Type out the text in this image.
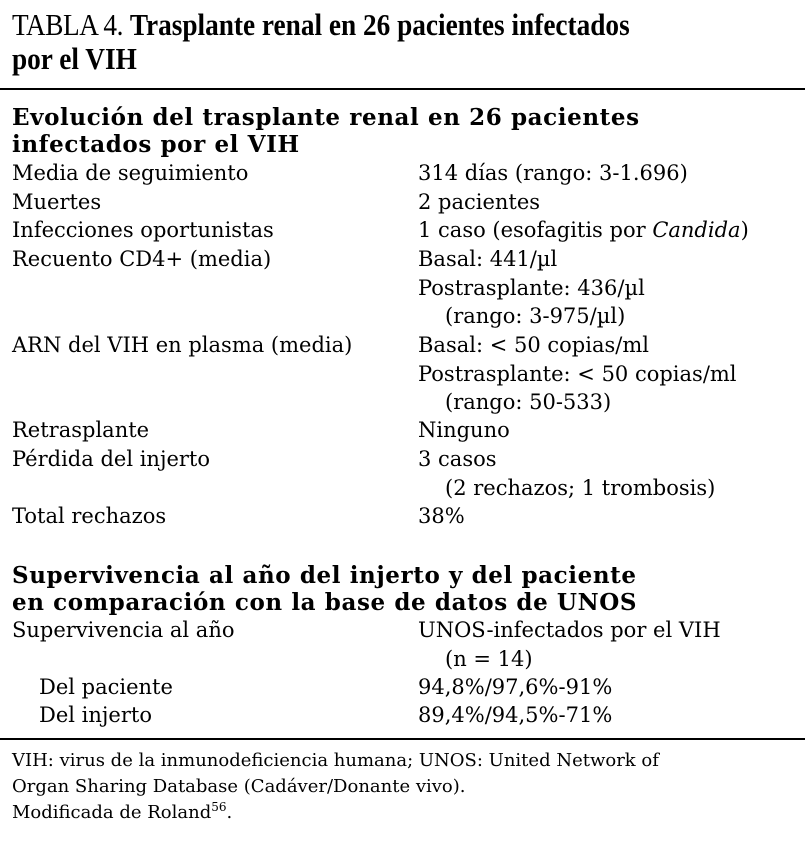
TABLA 4. Trasplante renal en 26 pacientes infectados
por el VIH
Evolución del trasplante renal en 26 pacientes
infectados por el VIH
Media de seguimiento	314 días (rango: 3-1.696)
Muertes	2 pacientes
Infecciones oportunistas	1 caso (esofagitis por Candida)
Recuento CD4+ (media)	Basal: 441/µl
Postrasplante: 436/µl
(rango: 3-975/µl)
ARN del VIH en plasma (media)	Basal: < 50 copias/ml
Postrasplante: < 50 copias/ml
(rango: 50-533)
Retrasplante	Ninguno
Pérdida del injerto	3 casos
(2 rechazos; 1 trombosis)
Total rechazos	38%
Supervivencia al año del injerto y del paciente
en comparación con la base de datos de UNOS
Supervivencia al año	UNOS-infectados por el VIH
(n = 14)
Del paciente	94,8%/97,6%-91%
Del injerto	89,4%/94,5%-71%

VIH: virus de la inmunodeficiencia humana; UNOS: United Network of

Organ Sharing Database (Cadáver/Donante vivo).

Modificada de Roland$^{56}$.
